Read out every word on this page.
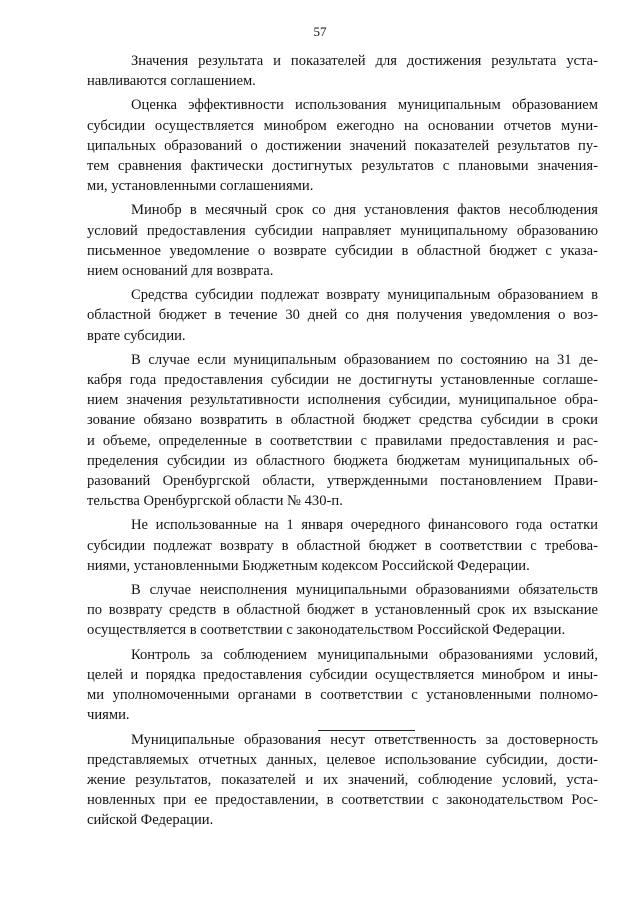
57
Значения результата и показателей для достижения результата уста-
навливаются соглашением.
Оценка эффективности использования муниципальным образованием
субсидии осуществляется минобром ежегодно на основании отчетов муни-
ципальных образований о достижении значений показателей результатов пу-
тем сравнения фактически достигнутых результатов с плановыми значения-
ми, установленными соглашениями.
Минобр в месячный срок со дня установления фактов несоблюдения
условий предоставления субсидии направляет муниципальному образованию
письменное уведомление о возврате субсидии в областной бюджет с указа-
нием оснований для возврата.
Средства субсидии подлежат возврату муниципальным образованием в
областной бюджет в течение 30 дней со дня получения уведомления о воз-
врате субсидии.
В случае если муниципальным образованием по состоянию на 31 де-
кабря года предоставления субсидии не достигнуты установленные соглаше-
нием значения результативности исполнения субсидии, муниципальное обра-
зование обязано возвратить в областной бюджет средства субсидии в сроки
и объеме, определенные в соответствии с правилами предоставления и рас-
пределения субсидии из областного бюджета бюджетам муниципальных об-
разований Оренбургской области, утвержденными постановлением Прави-
тельства Оренбургской области № 430-п.
Не использованные на 1 января очередного финансового года остатки
субсидии подлежат возврату в областной бюджет в соответствии с требова-
ниями, установленными Бюджетным кодексом Российской Федерации.
В случае неисполнения муниципальными образованиями обязательств
по возврату средств в областной бюджет в установленный срок их взыскание
осуществляется в соответствии с законодательством Российской Федерации.
Контроль за соблюдением муниципальными образованиями условий,
целей и порядка предоставления субсидии осуществляется минобром и ины-
ми уполномоченными органами в соответствии с установленными полномо-
чиями.
Муниципальные образования несут ответственность за достоверность
представляемых отчетных данных, целевое использование субсидии, дости-
жение результатов, показателей и их значений, соблюдение условий, уста-
новленных при ее предоставлении, в соответствии с законодательством Рос-
сийской Федерации.
